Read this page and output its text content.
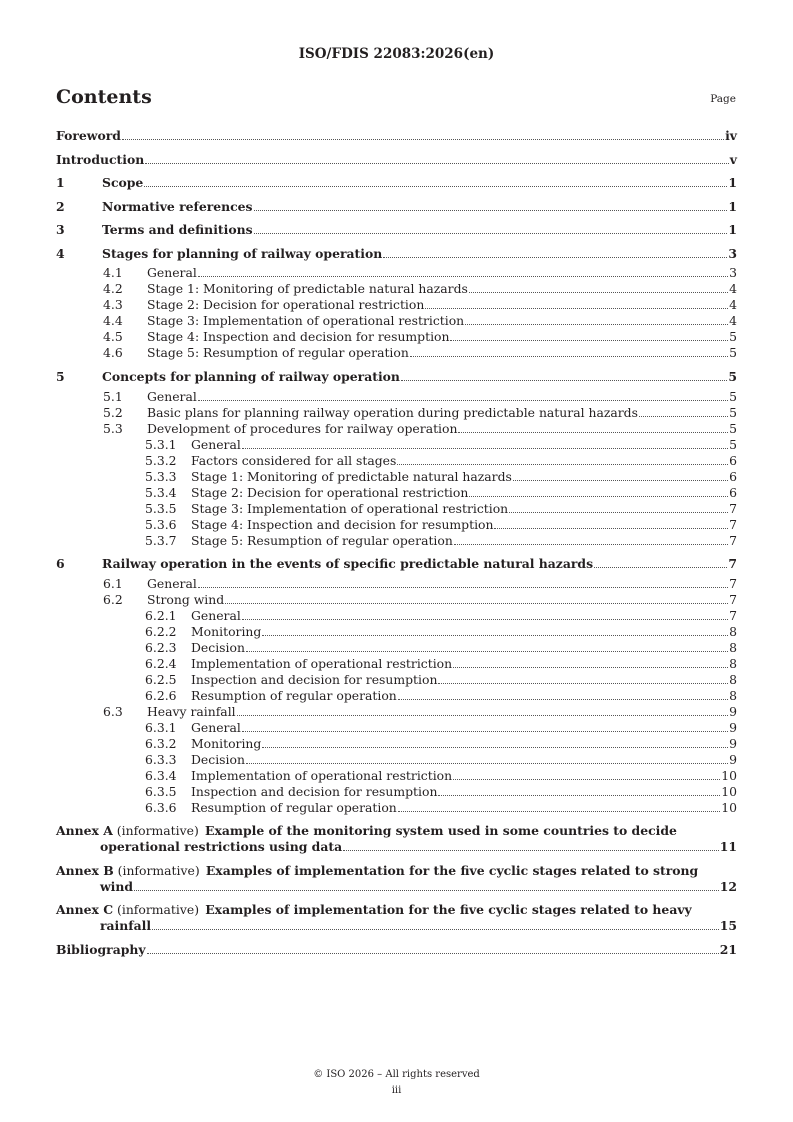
ISO/FDIS 22083:2026(en)
Contents	Page
Foreword	iv
Introduction	v
1	Scope	1
2	Normative references	1
3	Terms and definitions	1
4	Stages for planning of railway operation	3
4.1	General	3
4.2	Stage 1: Monitoring of predictable natural hazards	4
4.3	Stage 2: Decision for operational restriction	4
4.4	Stage 3: Implementation of operational restriction	4
4.5	Stage 4: Inspection and decision for resumption	5
4.6	Stage 5: Resumption of regular operation	5
5	Concepts for planning of railway operation	5
5.1	General	5
5.2	Basic plans for planning railway operation during predictable natural hazards	5
5.3	Development of procedures for railway operation	5
5.3.1	General	5
5.3.2	Factors considered for all stages	6
5.3.3	Stage 1: Monitoring of predictable natural hazards	6
5.3.4	Stage 2: Decision for operational restriction	6
5.3.5	Stage 3: Implementation of operational restriction	7
5.3.6	Stage 4: Inspection and decision for resumption	7
5.3.7	Stage 5: Resumption of regular operation	7
6	Railway operation in the events of specific predictable natural hazards	7
6.1	General	7
6.2	Strong wind	7
6.2.1	General	7
6.2.2	Monitoring	8
6.2.3	Decision	8
6.2.4	Implementation of operational restriction	8
6.2.5	Inspection and decision for resumption	8
6.2.6	Resumption of regular operation	8
6.3	Heavy rainfall	9
6.3.1	General	9
6.3.2	Monitoring	9
6.3.3	Decision	9
6.3.4	Implementation of operational restriction	10
6.3.5	Inspection and decision for resumption	10
6.3.6	Resumption of regular operation	10
Annex A (informative)  Example of the monitoring system used in some countries to decide
operational restrictions using data	11
Annex B (informative)  Examples of implementation for the five cyclic stages related to strong
wind	12
Annex C (informative)  Examples of implementation for the five cyclic stages related to heavy
rainfall	15
Bibliography	21
© ISO 2026 – All rights reserved
iii
